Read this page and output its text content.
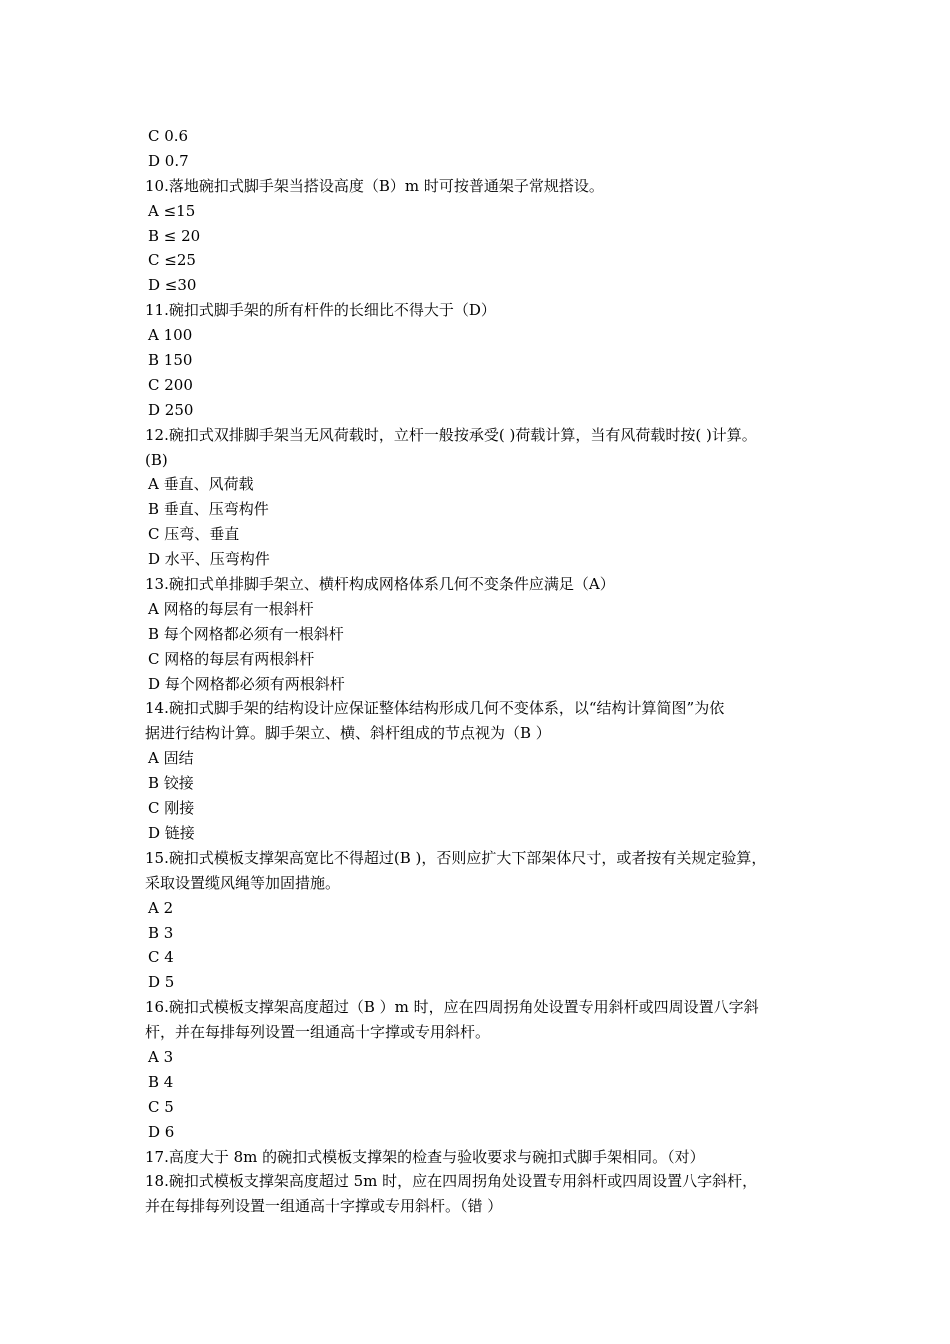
C 0.6
D 0.7
10.落地碗扣式脚手架当搭设高度（B）m 时可按普通架子常规搭设。
A ≤15
B ≤ 20
C ≤25
D ≤30
11.碗扣式脚手架的所有杆件的长细比不得大于（D）
A 100
B 150
C 200
D 250
12.碗扣式双排脚手架当无风荷载时，立杆一般按承受( )荷载计算，当有风荷载时按( )计算。
(B)
A 垂直、风荷载
B 垂直、压弯构件
C 压弯、垂直
D 水平、压弯构件
13.碗扣式单排脚手架立、横杆构成网格体系几何不变条件应满足（A）
A 网格的每层有一根斜杆
B 每个网格都必须有一根斜杆
C 网格的每层有两根斜杆
D 每个网格都必须有两根斜杆
14.碗扣式脚手架的结构设计应保证整体结构形成几何不变体系，以“结构计算简图”为依
据进行结构计算。脚手架立、横、斜杆组成的节点视为（B ）
A 固结
B 铰接
C 刚接
D 链接
15.碗扣式模板支撑架高宽比不得超过(B )，否则应扩大下部架体尺寸，或者按有关规定验算，
采取设置缆风绳等加固措施。
A 2
B 3
C 4
D 5
16.碗扣式模板支撑架高度超过（B ）m 时，应在四周拐角处设置专用斜杆或四周设置八字斜
杆，并在每排每列设置一组通高十字撑或专用斜杆。
A 3
B 4
C 5
D 6
17.高度大于 8m 的碗扣式模板支撑架的检查与验收要求与碗扣式脚手架相同。（对）
18.碗扣式模板支撑架高度超过 5m 时，应在四周拐角处设置专用斜杆或四周设置八字斜杆，
并在每排每列设置一组通高十字撑或专用斜杆。（错 ）
